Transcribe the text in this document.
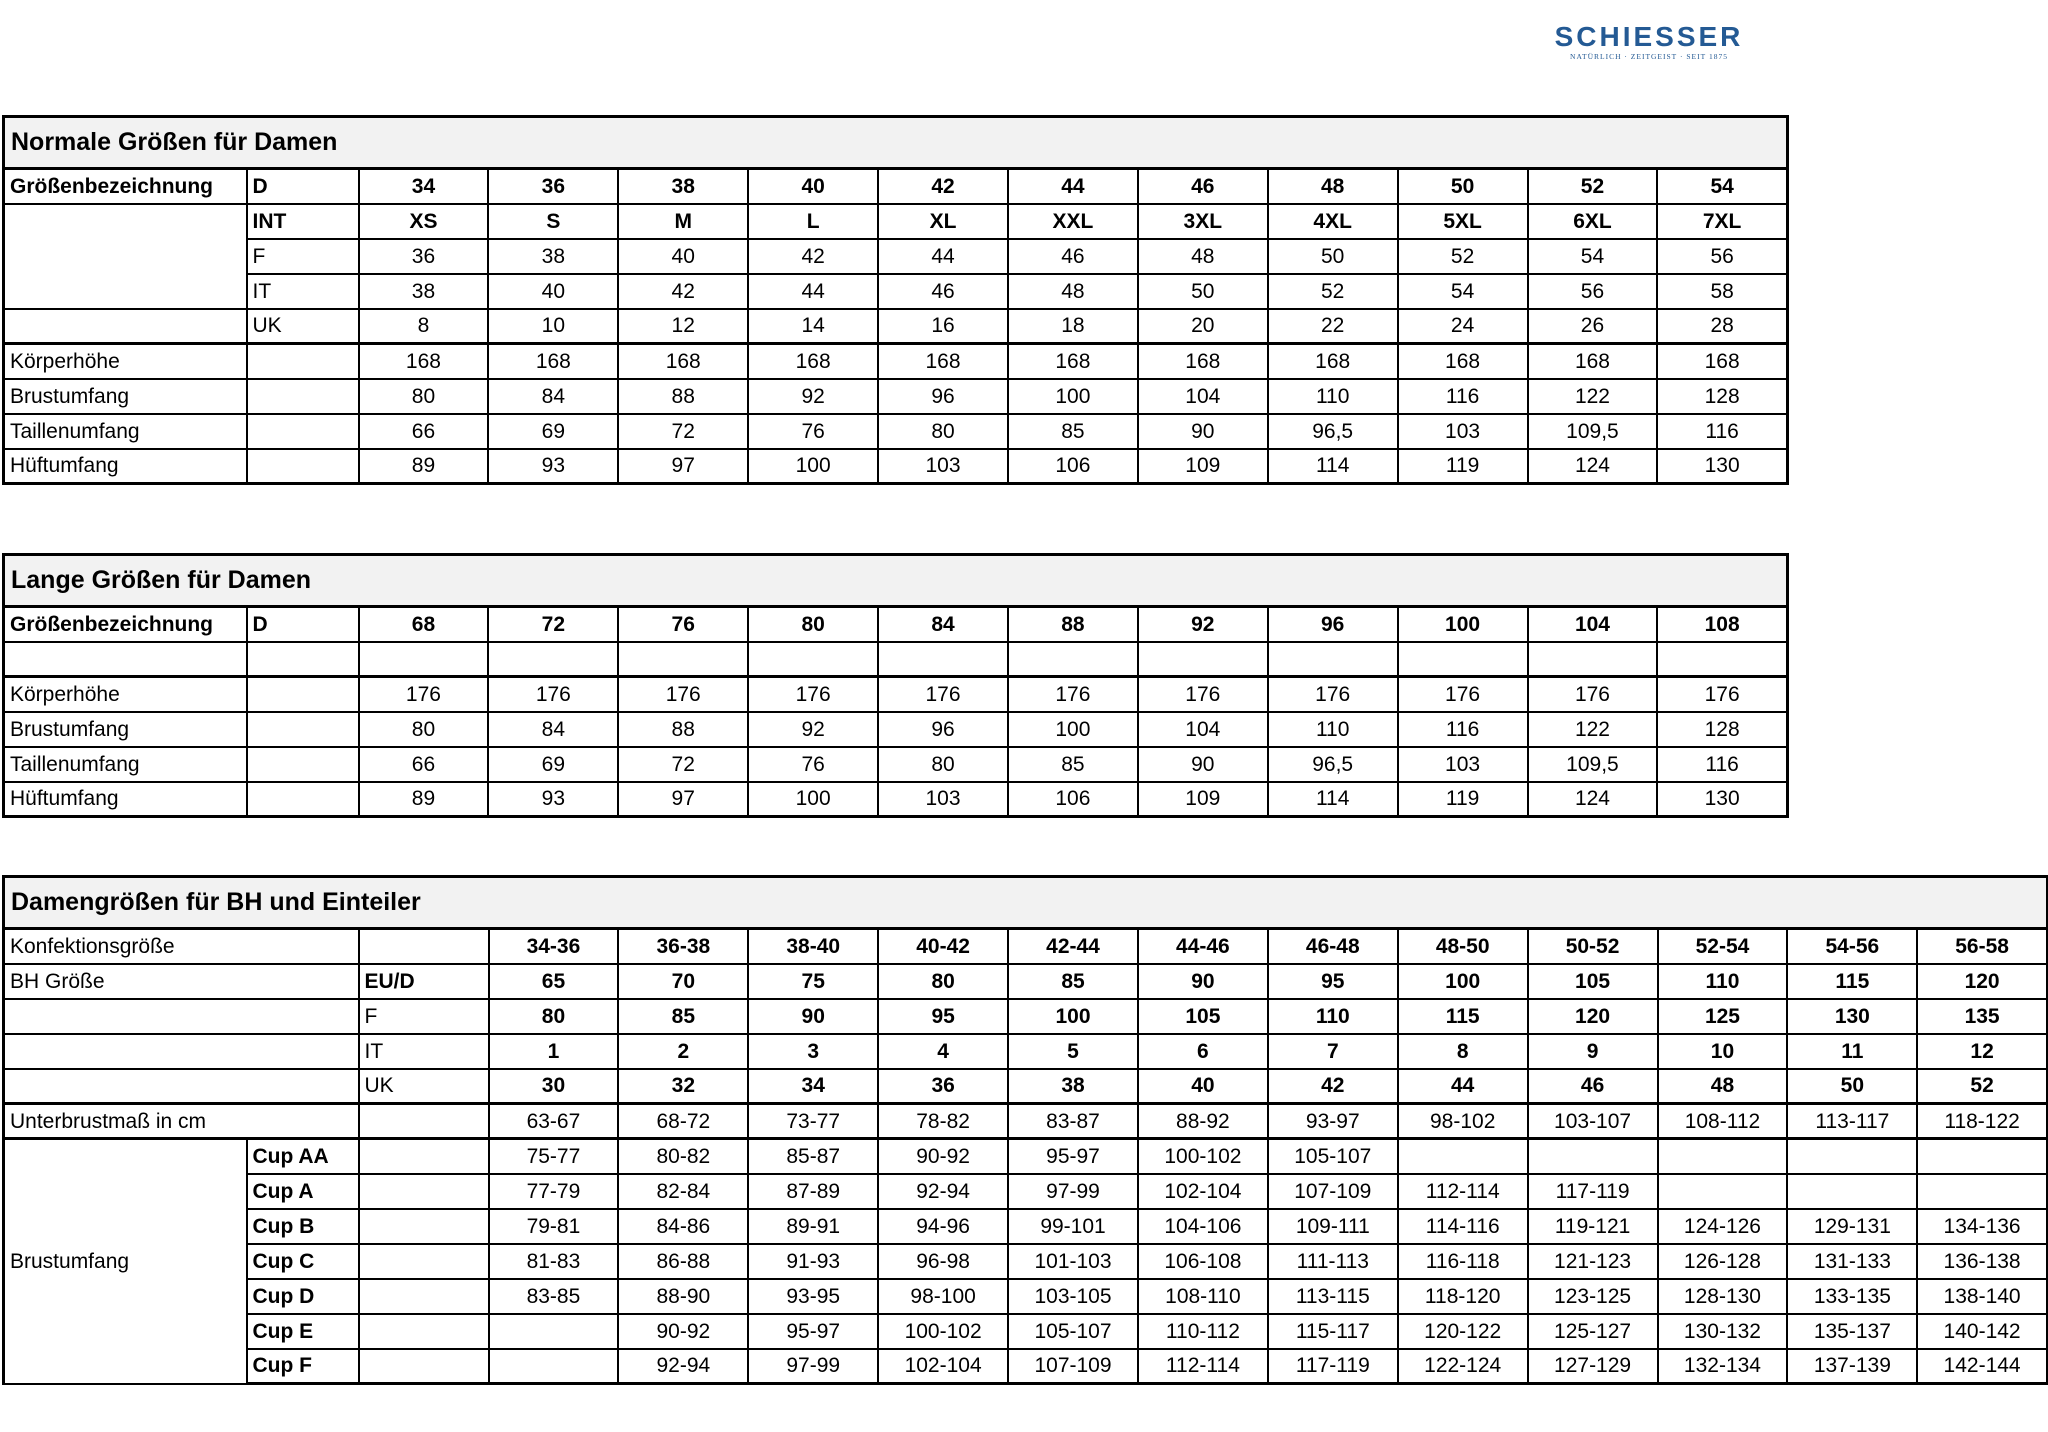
SCHIESSER
NATÜRLICH · ZEITGEIST · SEIT 1875
Normale Größen für Damen												
Größenbezeichnung	D	34	36	38	40	42	44	46	48	50	52	54
	INT	XS	S	M	L	XL	XXL	3XL	4XL	5XL	6XL	7XL
	F	36	38	40	42	44	46	48	50	52	54	56
	IT	38	40	42	44	46	48	50	52	54	56	58
	UK	8	10	12	14	16	18	20	22	24	26	28
Körperhöhe		168	168	168	168	168	168	168	168	168	168	168
Brustumfang		80	84	88	92	96	100	104	110	116	122	128
Taillenumfang		66	69	72	76	80	85	90	96,5	103	109,5	116
Hüftumfang		89	93	97	100	103	106	109	114	119	124	130
Lange Größen für Damen												
Größenbezeichnung	D	68	72	76	80	84	88	92	96	100	104	108

Körperhöhe		176	176	176	176	176	176	176	176	176	176	176
Brustumfang		80	84	88	92	96	100	104	110	116	122	128
Taillenumfang		66	69	72	76	80	85	90	96,5	103	109,5	116
Hüftumfang		89	93	97	100	103	106	109	114	119	124	130
Damengrößen für BH und Einteiler														
Konfektionsgröße			34-36	36-38	38-40	40-42	42-44	44-46	46-48	48-50	50-52	52-54	54-56	56-58
BH Größe		EU/D	65	70	75	80	85	90	95	100	105	110	115	120
		F	80	85	90	95	100	105	110	115	120	125	130	135
		IT	1	2	3	4	5	6	7	8	9	10	11	12
		UK	30	32	34	36	38	40	42	44	46	48	50	52
Unterbrustmaß in cm			63-67	68-72	73-77	78-82	83-87	88-92	93-97	98-102	103-107	108-112	113-117	118-122
Brustumfang	Cup AA		75-77	80-82	85-87	90-92	95-97	100-102	105-107					
	Cup A		77-79	82-84	87-89	92-94	97-99	102-104	107-109	112-114	117-119			
	Cup B		79-81	84-86	89-91	94-96	99-101	104-106	109-111	114-116	119-121	124-126	129-131	134-136
	Cup C		81-83	86-88	91-93	96-98	101-103	106-108	111-113	116-118	121-123	126-128	131-133	136-138
	Cup D		83-85	88-90	93-95	98-100	103-105	108-110	113-115	118-120	123-125	128-130	133-135	138-140
	Cup E			90-92	95-97	100-102	105-107	110-112	115-117	120-122	125-127	130-132	135-137	140-142
	Cup F			92-94	97-99	102-104	107-109	112-114	117-119	122-124	127-129	132-134	137-139	142-144
